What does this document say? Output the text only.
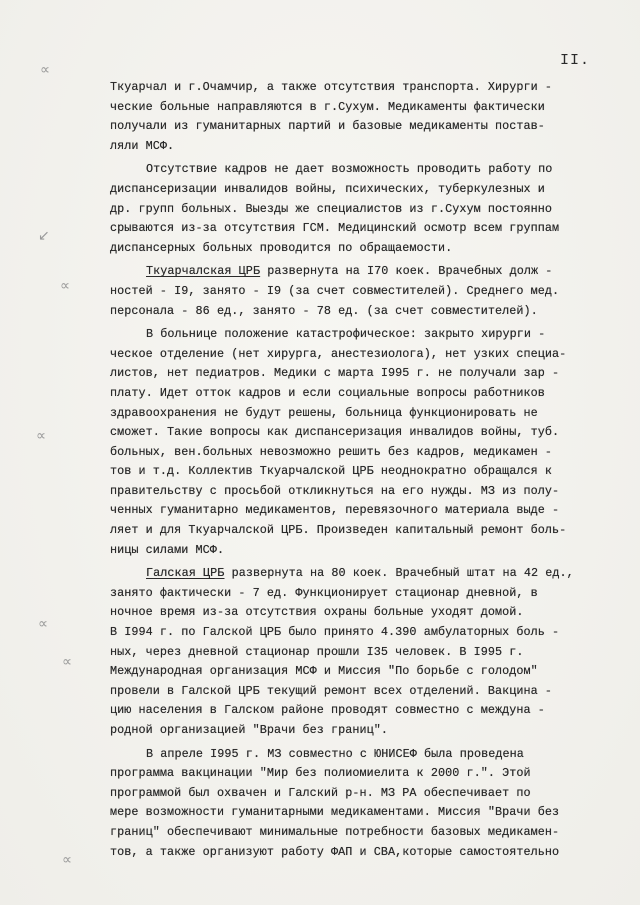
II.
∝
↙
∝
∝
∝
∝
∝
Ткуарчал и г.Очамчир, а также отсутствия транспорта. Хирурги -
ческие больные направляются в г.Сухум. Медикаменты фактически
получали из гуманитарных партий и базовые медикаменты постав-
ляли МСФ.
Отсутствие кадров не дает возможность проводить работу по
диспансеризации инвалидов войны, психических, туберкулезных и
др. групп больных. Выезды же специалистов из г.Сухум постоянно
срываются из-за отсутствия ГСМ. Медицинский осмотр всем группам
диспансерных больных проводится по обращаемости.
Ткуарчалская ЦРБ развернута на I70 коек. Врачебных долж -
ностей - I9, занято - I9 (за счет совместителей). Среднего мед.
персонала - 86 ед., занято - 78 ед. (за счет совместителей).
В больнице положение катастрофическое: закрыто хирурги -
ческое отделение (нет хирурга, анестезиолога), нет узких специа-
листов, нет педиатров. Медики с марта I995 г. не получали зар -
плату. Идет отток кадров и если социальные вопросы работников
здравоохранения не будут решены, больница функционировать не
сможет. Такие вопросы как диспансеризация инвалидов войны, туб.
больных, вен.больных невозможно решить без кадров, медикамен -
тов и т.д. Коллектив Ткуарчалской ЦРБ неоднократно обращался к
правительству с просьбой откликнуться на его нужды. МЗ из полу-
ченных гуманитарно медикаментов, перевязочного материала выде -
ляет и для Ткуарчалской ЦРБ. Произведен капитальный ремонт боль-
ницы силами МСФ.
Галская ЦРБ развернута на 80 коек. Врачебный штат на 42 ед.,
занято фактически - 7 ед. Функционирует стационар дневной, в
ночное время из-за отсутствия охраны больные уходят домой.
В I994 г. по Галской ЦРБ было принято 4.390 амбулаторных боль -
ных, через дневной стационар прошли I35 человек. В I995 г.
Международная организация МСФ и Миссия "По борьбе с голодом"
провели в Галской ЦРБ текущий ремонт всех отделений. Вакцина -
цию населения в Галском районе проводят совместно с междуна -
родной организацией "Врачи без границ".
В апреле I995 г. МЗ совместно с ЮНИСЕФ была проведена
программа вакцинации "Мир без полиомиелита к 2000 г.". Этой
программой был охвачен и Галский р-н. МЗ РА обеспечивает по
мере возможности гуманитарными медикаментами. Миссия "Врачи без
границ" обеспечивают минимальные потребности базовых медикамен-
тов, а также организуют работу ФАП и СВА,которые самостоятельно
